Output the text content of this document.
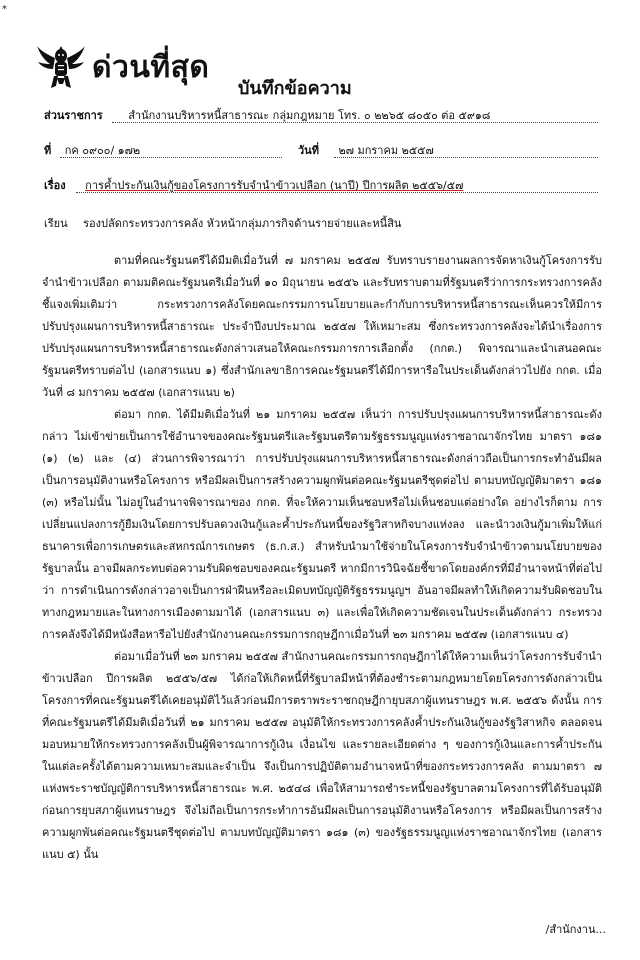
*
ด่วนที่สุด
บันทึกข้อความ
ส่วนราชการ สำนักงานบริหารหนี้สาธารณะ กลุ่มกฎหมาย โทร. ๐ ๒๒๖๕ ๘๐๕๐ ต่อ ๕๙๑๘
ที่ กค ๐๙๐๐/ ๑๗๒	วันที่ ๒๗ มกราคม ๒๕๕๗
เรื่อง การค้ำประกันเงินกู้ของโครงการรับจำนำข้าวเปลือก (นาปี) ปีการผลิต ๒๕๕๖/๕๗
เรียน รองปลัดกระทรวงการคลัง หัวหน้ากลุ่มภารกิจด้านรายจ่ายและหนี้สิน

ตามที่คณะรัฐมนตรีได้มีมติเมื่อวันที่ ๗ มกราคม ๒๕๕๗ รับทราบรายงานผลการจัดหาเงินกู้โครงการรับจำนำข้าวเปลือก ตามมติคณะรัฐมนตรีเมื่อวันที่ ๑๐ มิถุนายน ๒๕๕๖ และรับทราบตามที่รัฐมนตรีว่าการกระทรวงการคลังชี้แจงเพิ่มเติมว่า กระทรวงการคลังโดยคณะกรรมการนโยบายและกำกับการบริหารหนี้สาธารณะเห็นควรให้มีการปรับปรุงแผนการบริหารหนี้สาธารณะ ประจำปีงบประมาณ ๒๕๕๗ ให้เหมาะสม ซึ่งกระทรวงการคลังจะได้นำเรื่องการปรับปรุงแผนการบริหารหนี้สาธารณะดังกล่าวเสนอให้คณะกรรมการการเลือกตั้ง (กกต.) พิจารณาและนำเสนอคณะรัฐมนตรีทราบต่อไป (เอกสารแนบ ๑) ซึ่งสำนักเลขาธิการคณะรัฐมนตรีได้มีการหารือในประเด็นดังกล่าวไปยัง กกต. เมื่อวันที่ ๘ มกราคม ๒๕๕๗ (เอกสารแนบ ๒)

ต่อมา กกต. ได้มีมติเมื่อวันที่ ๒๑ มกราคม ๒๕๕๗ เห็นว่า การปรับปรุงแผนการบริหารหนี้สาธารณะดังกล่าว ไม่เข้าข่ายเป็นการใช้อำนาจของคณะรัฐมนตรีและรัฐมนตรีตามรัฐธรรมนูญแห่งราชอาณาจักรไทย มาตรา ๑๘๑ (๑) (๒) และ (๔) ส่วนการพิจารณาว่า การปรับปรุงแผนการบริหารหนี้สาธารณะดังกล่าวถือเป็นการกระทำอันมีผลเป็นการอนุมัติงานหรือโครงการ หรือมีผลเป็นการสร้างความผูกพันต่อคณะรัฐมนตรีชุดต่อไป ตามบทบัญญัติมาตรา ๑๘๑ (๓) หรือไม่นั้น ไม่อยู่ในอำนาจพิจารณาของ กกต. ที่จะให้ความเห็นชอบหรือไม่เห็นชอบแต่อย่างใด อย่างไรก็ตาม การเปลี่ยนแปลงการกู้ยืมเงินโดยการปรับลดวงเงินกู้และค้ำประกันหนี้ของรัฐวิสาหกิจบางแห่งลง และนำวงเงินกู้มาเพิ่มให้แก่ธนาคารเพื่อการเกษตรและสหกรณ์การเกษตร (ธ.ก.ส.) สำหรับนำมาใช้จ่ายในโครงการรับจำนำข้าวตามนโยบายของรัฐบาลนั้น อาจมีผลกระทบต่อความรับผิดชอบของคณะรัฐมนตรี หากมีการวินิจฉัยชี้ขาดโดยองค์กรที่มีอำนาจหน้าที่ต่อไปว่า การดำเนินการดังกล่าวอาจเป็นการฝ่าฝืนหรือละเมิดบทบัญญัติรัฐธรรมนูญฯ อันอาจมีผลทำให้เกิดความรับผิดชอบในทางกฎหมายและในทางการเมืองตามมาได้ (เอกสารแนบ ๓) และเพื่อให้เกิดความชัดเจนในประเด็นดังกล่าว กระทรวงการคลังจึงได้มีหนังสือหารือไปยังสำนักงานคณะกรรมการกฤษฎีกาเมื่อวันที่ ๒๓ มกราคม ๒๕๕๗ (เอกสารแนบ ๔)

ต่อมาเมื่อวันที่ ๒๓ มกราคม ๒๕๕๗ สำนักงานคณะกรรมการกฤษฎีกาได้ให้ความเห็นว่าโครงการรับจำนำข้าวเปลือก ปีการผลิต ๒๕๕๖/๕๗ ได้ก่อให้เกิดหนี้ที่รัฐบาลมีหน้าที่ต้องชำระตามกฎหมายโดยโครงการดังกล่าวเป็นโครงการที่คณะรัฐมนตรีได้เคยอนุมัติไว้แล้วก่อนมีการตราพระราชกฤษฎีกายุบสภาผู้แทนราษฎร พ.ศ. ๒๕๕๖ ดังนั้น การที่คณะรัฐมนตรีได้มีมติเมื่อวันที่ ๒๑ มกราคม ๒๕๕๗ อนุมัติให้กระทรวงการคลังค้ำประกันเงินกู้ของรัฐวิสาหกิจ ตลอดจนมอบหมายให้กระทรวงการคลังเป็นผู้พิจารณาการกู้เงิน เงื่อนไข และรายละเอียดต่าง ๆ ของการกู้เงินและการค้ำประกันในแต่ละครั้งได้ตามความเหมาะสมและจำเป็น จึงเป็นการปฏิบัติตามอำนาจหน้าที่ของกระทรวงการคลัง ตามมาตรา ๗ แห่งพระราชบัญญัติการบริหารหนี้สาธารณะ พ.ศ. ๒๕๔๘ เพื่อให้สามารถชำระหนี้ของรัฐบาลตามโครงการที่ได้รับอนุมัติก่อนการยุบสภาผู้แทนราษฎร จึงไม่ถือเป็นการกระทำการอันมีผลเป็นการอนุมัติงานหรือโครงการ หรือมีผลเป็นการสร้างความผูกพันต่อคณะรัฐมนตรีชุดต่อไป ตามบทบัญญัติมาตรา ๑๘๑ (๓) ของรัฐธรรมนูญแห่งราชอาณาจักรไทย (เอกสารแนบ ๕) นั้น

/สำนักงาน...
